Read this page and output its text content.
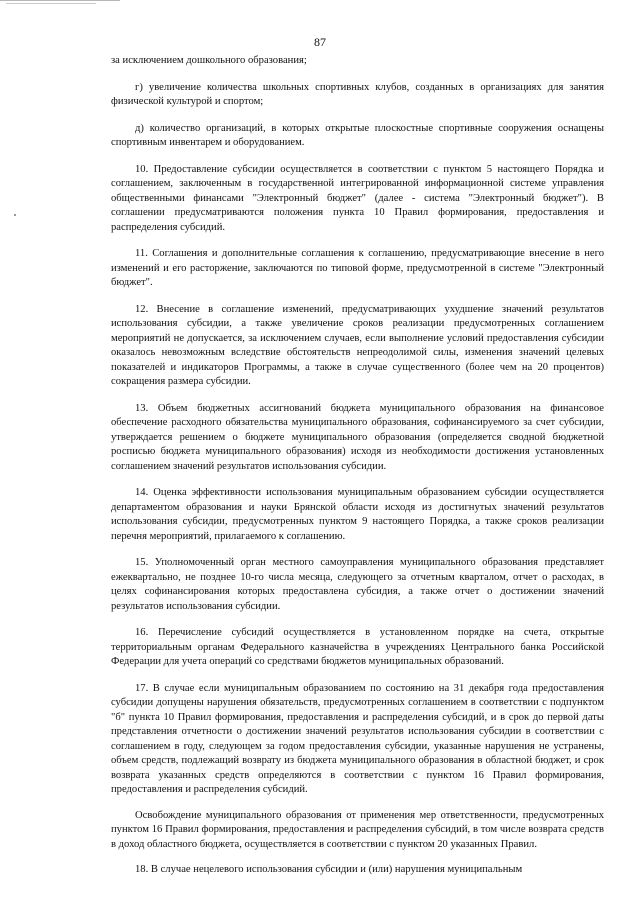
87

за исключением дошкольного образования;

г) увеличение количества школьных спортивных клубов, созданных в организациях для занятия физической культурой и спортом;

д) количество организаций, в которых открытые плоскостные спортивные сооружения оснащены спортивным инвентарем и оборудованием.

10. Предоставление субсидии осуществляется в соответствии с пунктом 5 настоящего Порядка и соглашением, заключенным в государственной интегрированной информационной системе управления общественными финансами "Электронный бюджет" (далее - система "Электронный бюджет"). В соглашении предусматриваются положения пункта 10 Правил формирования, предоставления и распределения субсидий.

11. Соглашения и дополнительные соглашения к соглашению, предусматривающие внесение в него изменений и его расторжение, заключаются по типовой форме, предусмотренной в системе "Электронный бюджет".

12. Внесение в соглашение изменений, предусматривающих ухудшение значений результатов использования субсидии, а также увеличение сроков реализации предусмотренных соглашением мероприятий не допускается, за исключением случаев, если выполнение условий предоставления субсидии оказалось невозможным вследствие обстоятельств непреодолимой силы, изменения значений целевых показателей и индикаторов Программы, а также в случае существенного (более чем на 20 процентов) сокращения размера субсидии.

13. Объем бюджетных ассигнований бюджета муниципального образования на финансовое обеспечение расходного обязательства муниципального образования, софинансируемого за счет субсидии, утверждается решением о бюджете муниципального образования (определяется сводной бюджетной росписью бюджета муниципального образования) исходя из необходимости достижения установленных соглашением значений результатов использования субсидии.

14. Оценка эффективности использования муниципальным образованием субсидии осуществляется департаментом образования и науки Брянской области исходя из достигнутых значений результатов использования субсидии, предусмотренных пунктом 9 настоящего Порядка, а также сроков реализации перечня мероприятий, прилагаемого к соглашению.

15. Уполномоченный орган местного самоуправления муниципального образования представляет ежеквартально, не позднее 10-го числа месяца, следующего за отчетным кварталом, отчет о расходах, в целях софинансирования которых предоставлена субсидия, а также отчет о достижении значений результатов использования субсидии.

16. Перечисление субсидий осуществляется в установленном порядке на счета, открытые территориальным органам Федерального казначейства в учреждениях Центрального банка Российской Федерации для учета операций со средствами бюджетов муниципальных образований.

17. В случае если муниципальным образованием по состоянию на 31 декабря года предоставления субсидии допущены нарушения обязательств, предусмотренных соглашением в соответствии с подпунктом "б" пункта 10 Правил формирования, предоставления и распределения субсидий, и в срок до первой даты представления отчетности о достижении значений результатов использования субсидии в соответствии с соглашением в году, следующем за годом предоставления субсидии, указанные нарушения не устранены, объем средств, подлежащий возврату из бюджета муниципального образования в областной бюджет, и срок возврата указанных средств определяются в соответствии с пунктом 16 Правил формирования, предоставления и распределения субсидий.

Освобождение муниципального образования от применения мер ответственности, предусмотренных пунктом 16 Правил формирования, предоставления и распределения субсидий, в том числе возврата средств в доход областного бюджета, осуществляется в соответствии с пунктом 20 указанных Правил.

18. В случае нецелевого использования субсидии и (или) нарушения муниципальным
